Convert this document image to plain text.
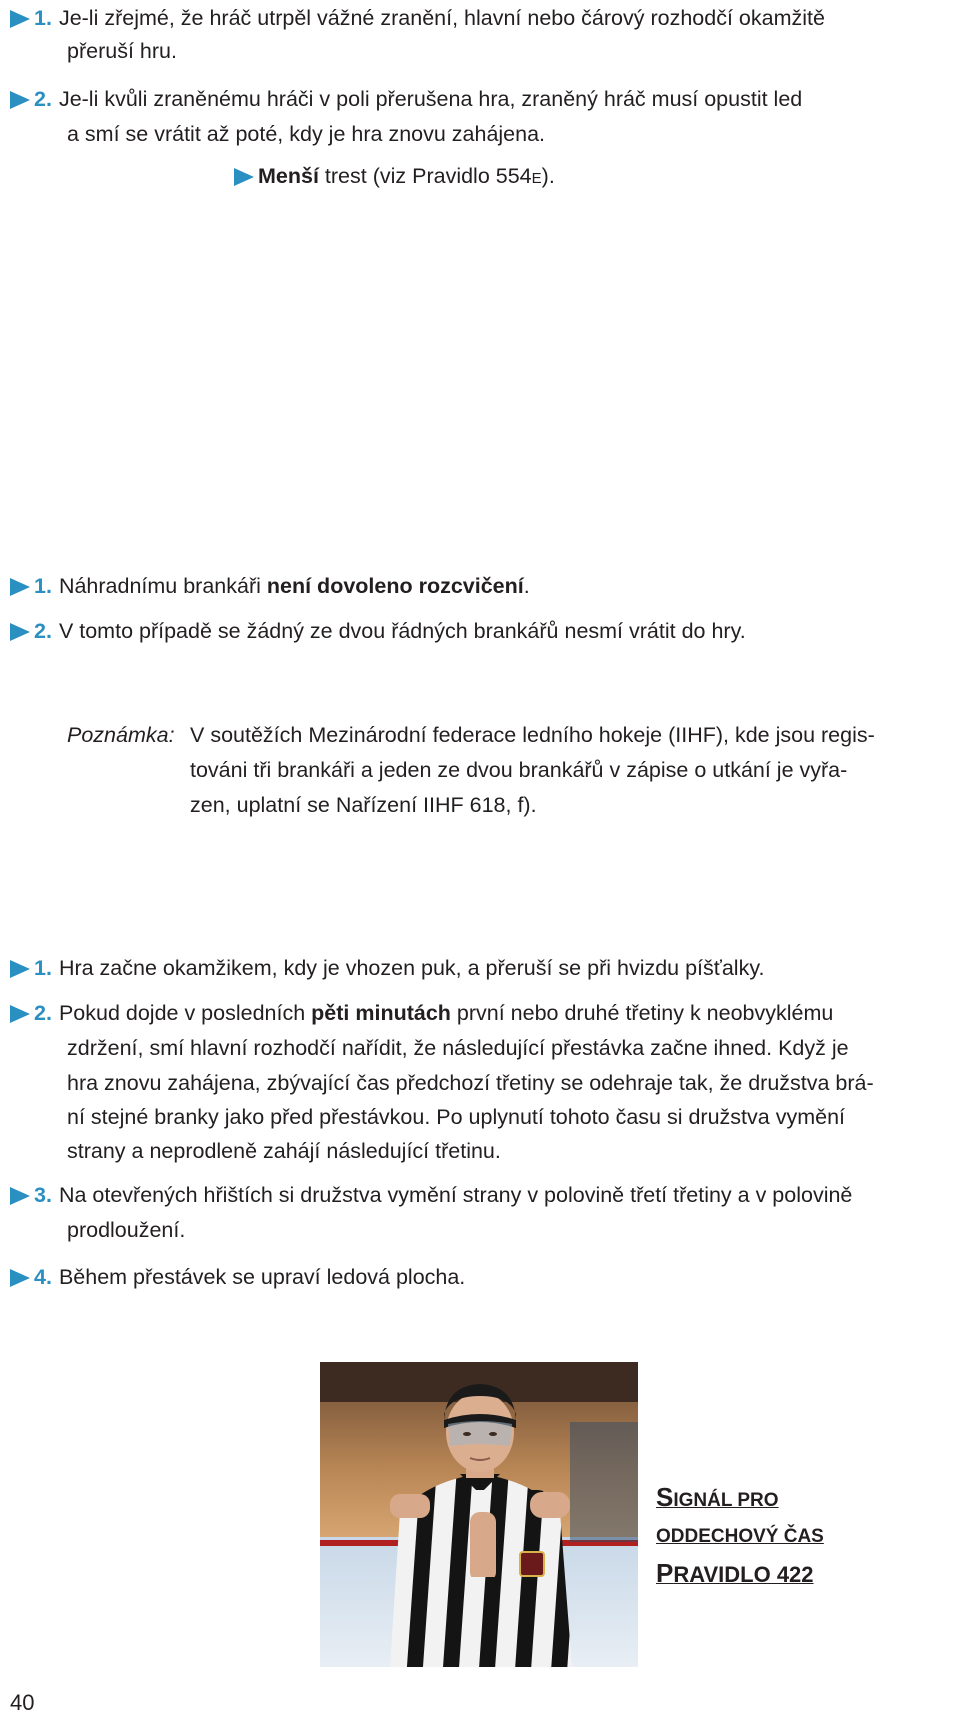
1. Je-li zřejmé, že hráč utrpěl vážné zranění, hlavní nebo čárový rozhodčí okamžitě
přeruší hru.
2. Je-li kvůli zraněnému hráči v poli přerušena hra, zraněný hráč musí opustit led
a smí se vrátit až poté, kdy je hra znovu zahájena.
Menší trest (viz Pravidlo 554E).
1. Náhradnímu brankáři není dovoleno rozcvičení.
2. V tomto případě se žádný ze dvou řádných brankářů nesmí vrátit do hry.
Poznámka: V soutěžích Mezinárodní federace ledního hokeje (IIHF), kde jsou regis-
továni tři brankáři a jeden ze dvou brankářů v zápise o utkání je vyřa-
zen, uplatní se Nařízení IIHF 618, f).
1. Hra začne okamžikem, kdy je vhozen puk, a přeruší se při hvizdu píšťalky.
2. Pokud dojde v posledních pěti minutách první nebo druhé třetiny k neobvyklému
zdržení, smí hlavní rozhodčí nařídit, že následující přestávka začne ihned. Když je
hra znovu zahájena, zbývající čas předchozí třetiny se odehraje tak, že družstva brá-
ní stejné branky jako před přestávkou. Po uplynutí tohoto času si družstva vymění
strany a neprodleně zahájí následující třetinu.
3. Na otevřených hřištích si družstva vymění strany v polovině třetí třetiny a v polovině
prodloužení.
4. Během přestávek se upraví ledová plocha.
SIGNÁL PRO
ODDECHOVÝ ČAS
PRAVIDLO 422
40
